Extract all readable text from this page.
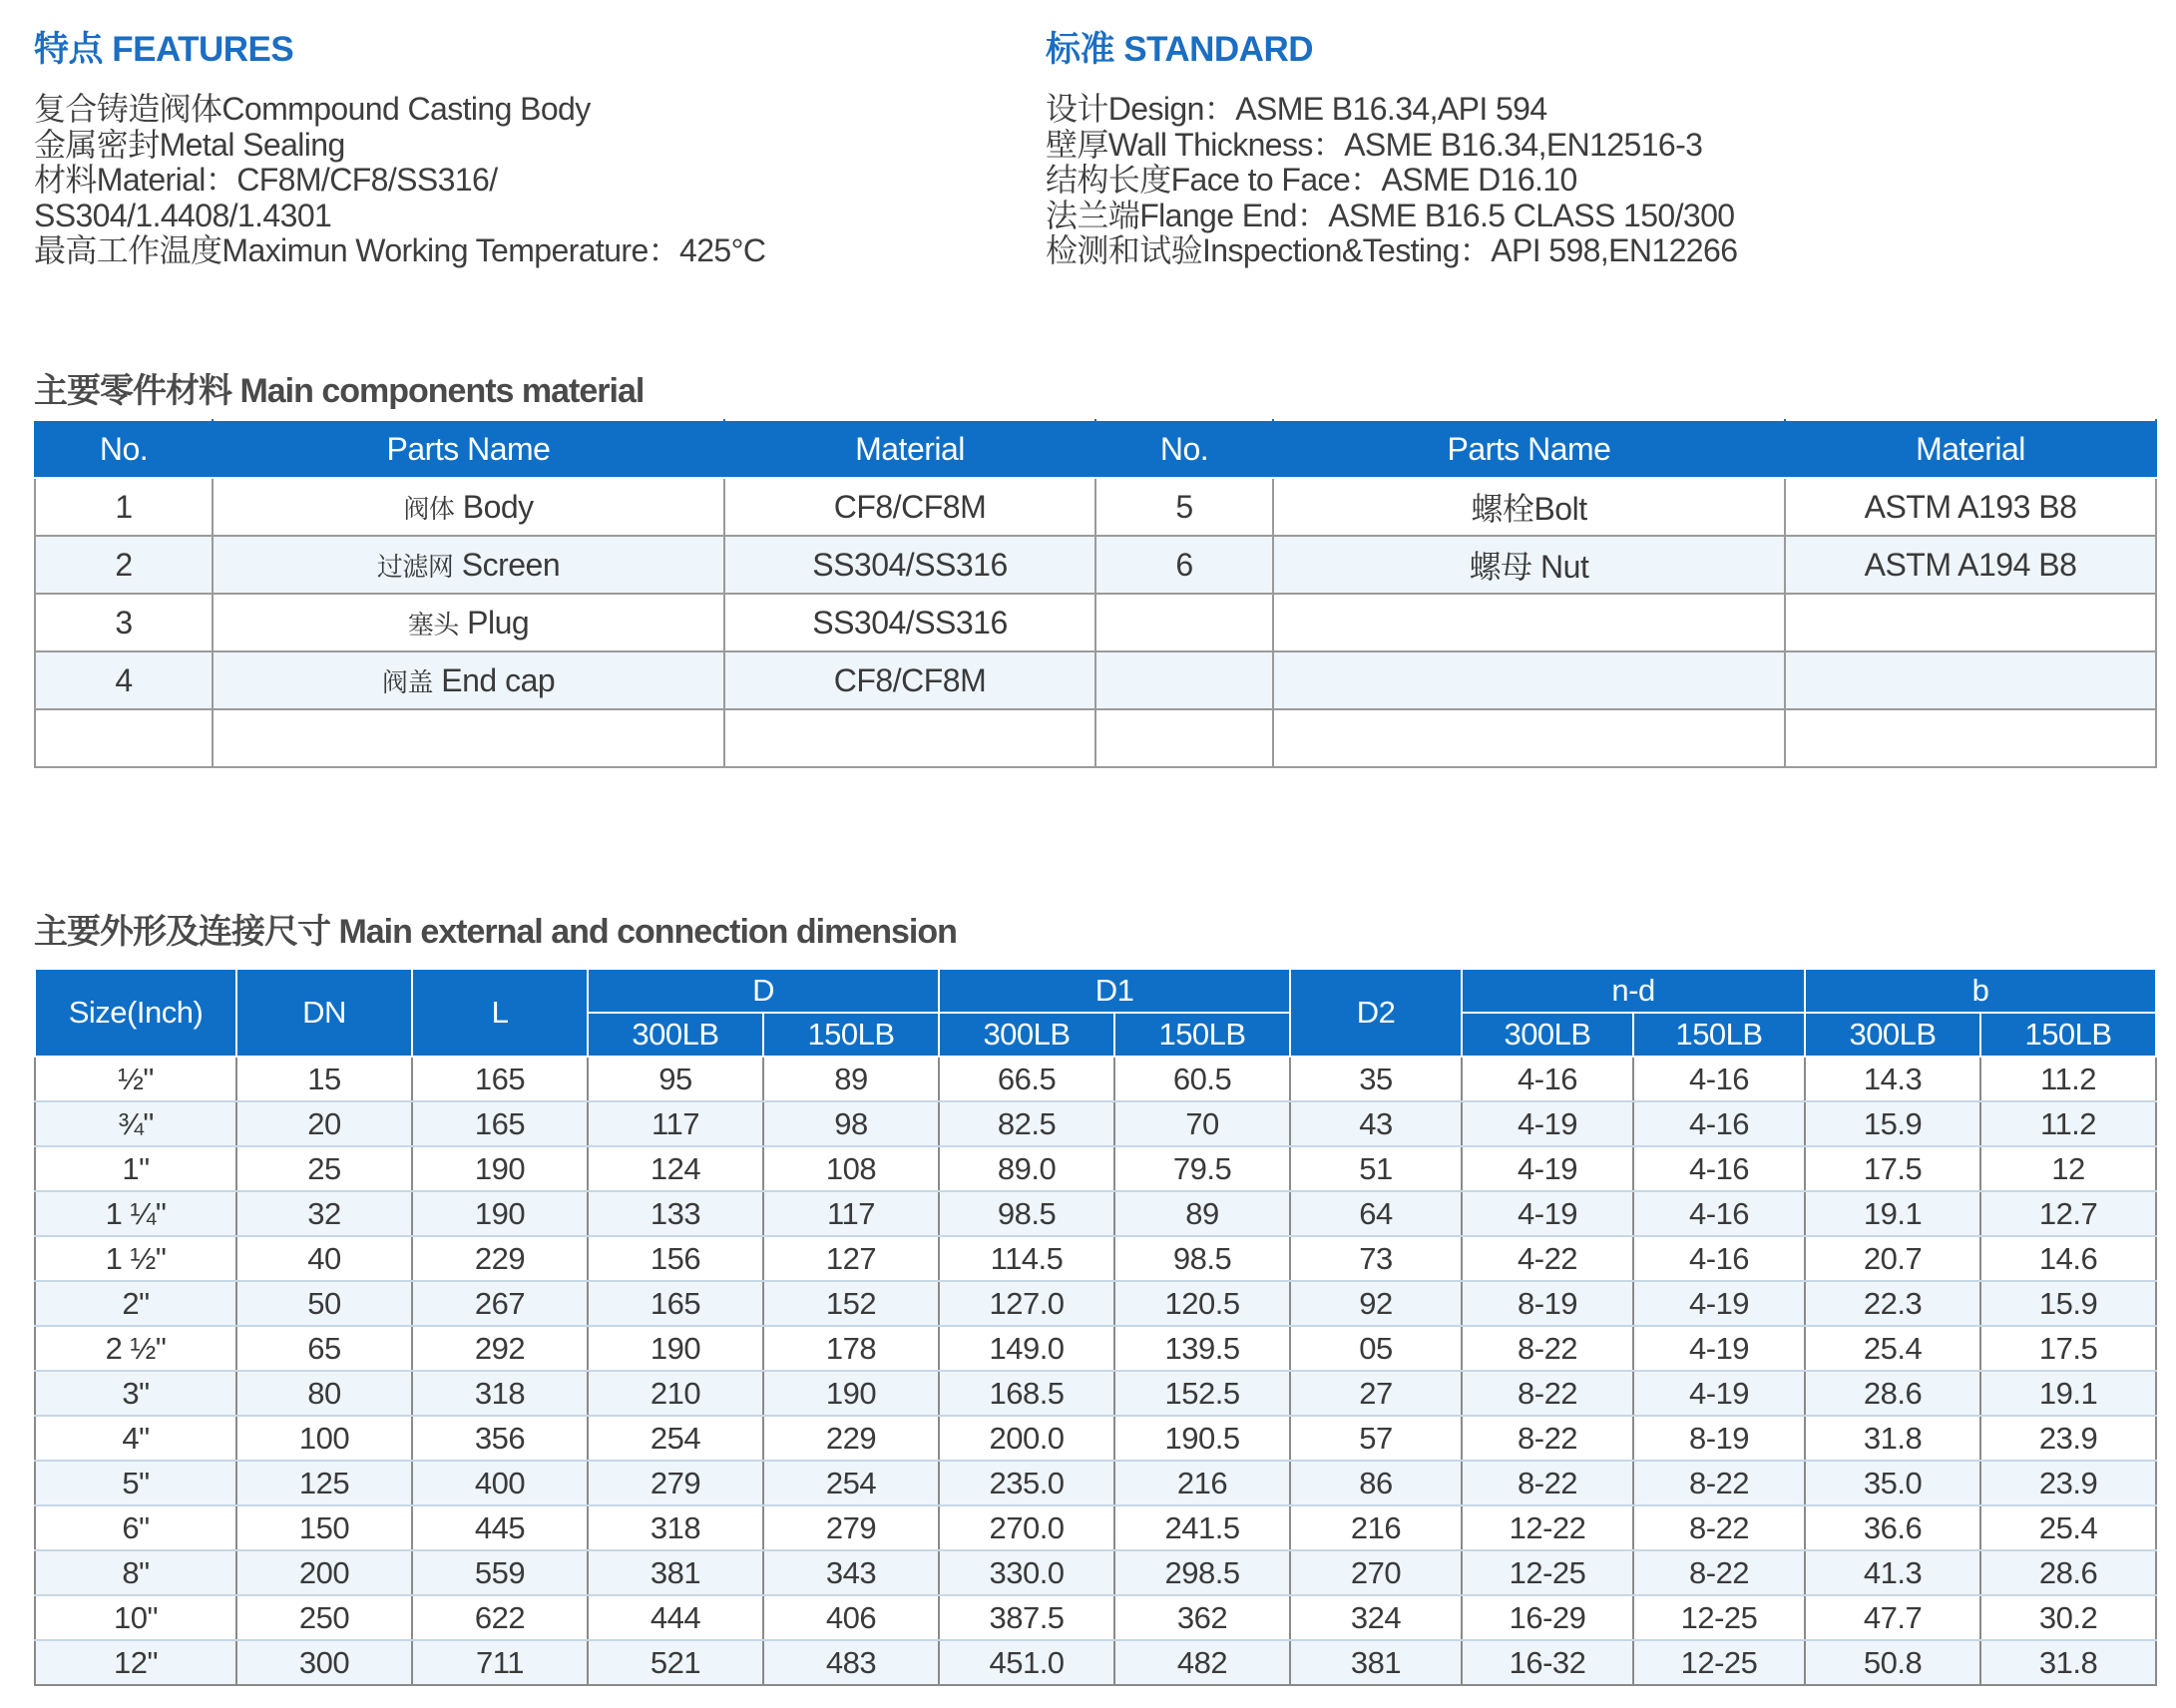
特点 FEATURES
复合铸造阀体Commpound Casting Body
金属密封Metal Sealing
材料Material：CF8M/CF8/SS316/
SS304/1.4408/1.4301
最高工作温度Maximun Working Temperature：425°C
标准 STANDARD
设计Design：ASME B16.34,API 594
壁厚Wall Thickness：ASME B16.34,EN12516-3
结构长度Face to Face：ASME D16.10
法兰端Flange End：ASME B16.5 CLASS 150/300
检测和试验Inspection&Testing：API 598,EN12266
主要零件材料 Main components material
No.	Parts Name	Material	No.	Parts Name	Material
1	阀体 Body	CF8/CF8M	5	螺栓Bolt	ASTM A193 B8
2	过滤网 Screen	SS304/SS316	6	螺母 Nut	ASTM A194 B8
3	塞头 Plug	SS304/SS316			
4	阀盖 End cap	CF8/CF8M			

主要外形及连接尺寸 Main external and connection dimension
Size(Inch)	DN	L	D		D1		D2	n-d		b	
			300LB	150LB	300LB	150LB		300LB	150LB	300LB	150LB
½"	15	165	95	89	66.5	60.5	35	4-16	4-16	14.3	11.2
¾"	20	165	117	98	82.5	70	43	4-19	4-16	15.9	11.2
1"	25	190	124	108	89.0	79.5	51	4-19	4-16	17.5	12
1 ¼"	32	190	133	117	98.5	89	64	4-19	4-16	19.1	12.7
1 ½"	40	229	156	127	114.5	98.5	73	4-22	4-16	20.7	14.6
2"	50	267	165	152	127.0	120.5	92	8-19	4-19	22.3	15.9
2 ½"	65	292	190	178	149.0	139.5	05	8-22	4-19	25.4	17.5
3"	80	318	210	190	168.5	152.5	27	8-22	4-19	28.6	19.1
4"	100	356	254	229	200.0	190.5	57	8-22	8-19	31.8	23.9
5"	125	400	279	254	235.0	216	86	8-22	8-22	35.0	23.9
6"	150	445	318	279	270.0	241.5	216	12-22	8-22	36.6	25.4
8"	200	559	381	343	330.0	298.5	270	12-25	8-22	41.3	28.6
10"	250	622	444	406	387.5	362	324	16-29	12-25	47.7	30.2
12"	300	711	521	483	451.0	482	381	16-32	12-25	50.8	31.8
